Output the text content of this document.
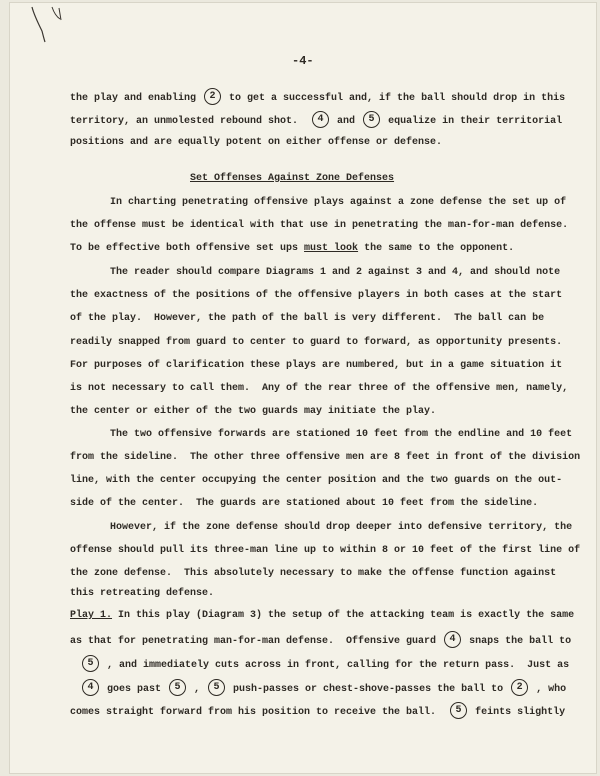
-4-
the play and enabling 2 to get a successful and, if the ball should drop in this
territory, an unmolested rebound shot.  4 and 5 equalize in their territorial
positions and are equally potent on either offense or defense.
Set Offenses Against Zone Defenses
In charting penetrating offensive plays against a zone defense the set up of
the offense must be identical with that use in penetrating the man-for-man defense.
To be effective both offensive set ups must look the same to the opponent.
The reader should compare Diagrams 1 and 2 against 3 and 4, and should note
the exactness of the positions of the offensive players in both cases at the start
of the play.  However, the path of the ball is very different.  The ball can be
readily snapped from guard to center to guard to forward, as opportunity presents.
For purposes of clarification these plays are numbered, but in a game situation it
is not necessary to call them.  Any of the rear three of the offensive men, namely,
the center or either of the two guards may initiate the play.
The two offensive forwards are stationed 10 feet from the endline and 10 feet
from the sideline.  The other three offensive men are 8 feet in front of the division
line, with the center occupying the center position and the two guards on the out-
side of the center.  The guards are stationed about 10 feet from the sideline.
However, if the zone defense should drop deeper into defensive territory, the
offense should pull its three-man line up to within 8 or 10 feet of the first line of
the zone defense.  This absolutely necessary to make the offense function against
this retreating defense.
Play 1. In this play (Diagram 3) the setup of the attacking team is exactly the same
as that for penetrating man-for-man defense.  Offensive guard 4 snaps the ball to
5 , and immediately cuts across in front, calling for the return pass.  Just as
4 goes past 5 , 5 push-passes or chest-shove-passes the ball to 2 , who
comes straight forward from his position to receive the ball.  5 feints slightly
